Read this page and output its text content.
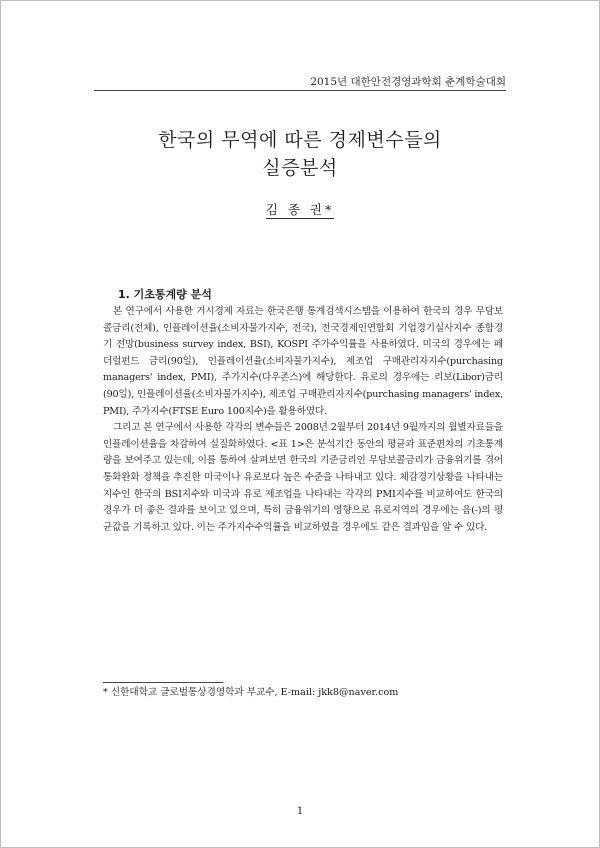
2015년 대한안전경영과학회 춘계학술대회
한국의 무역에 따른 경제변수들의
실증분석
김 종 권*
1. 기초통계량 분석

본 연구에서 사용한 거시경제 자료는 한국은행 통계검색시스템을 이용하여 한국의 경우 무담보콜금리(전체), 인플레이션율(소비자물가지수, 전국), 전국경제인연합회 기업경기실사지수 종합경기 전망(business survey index, BSI), KOSPI 주가수익률을 사용하였다. 미국의 경우에는 페더럴펀드 금리(90일), 인플레이션율(소비자물가지수), 제조업 구매관리자지수(purchasing managers' index, PMI), 주가지수(다우존스)에 해당한다. 유로의 경우에는 리보(Libor)금리(90일), 인플레이션율(소비자물가지수), 제조업 구매관리자지수(purchasing managers' index, PMI), 주가지수(FTSE Euro 100지수)을 활용하였다.

그리고 본 연구에서 사용한 각각의 변수들은 2008년 2월부터 2014년 9월까지의 월별자료들을 인플레이션율을 차감하여 실질화하였다. <표 1>은 분석기간 동안의 평균과 표준편차의 기초통계량을 보여주고 있는데, 이를 통하여 살펴보면 한국의 기준금리인 무담보콜금리가 금융위기를 겪어 통화완화 정책을 추진한 미국이나 유로보다 높은 수준을 나타내고 있다. 체감경기상황을 나타내는 지수인 한국의 BSI지수와 미국과 유로 제조업을 나타내는 각각의 PMI지수를 비교하여도 한국의 경우가 더 좋은 결과를 보이고 있으며, 특히 금융위기의 영향으로 유로지역의 경우에는 음(-)의 평균값을 기록하고 있다. 이는 주가지수수익률을 비교하였을 경우에도 같은 결과임을 알 수 있다.

* 신한대학교 글로벌통상경영학과 부교수, E-mail: jkk8@naver.com
1
